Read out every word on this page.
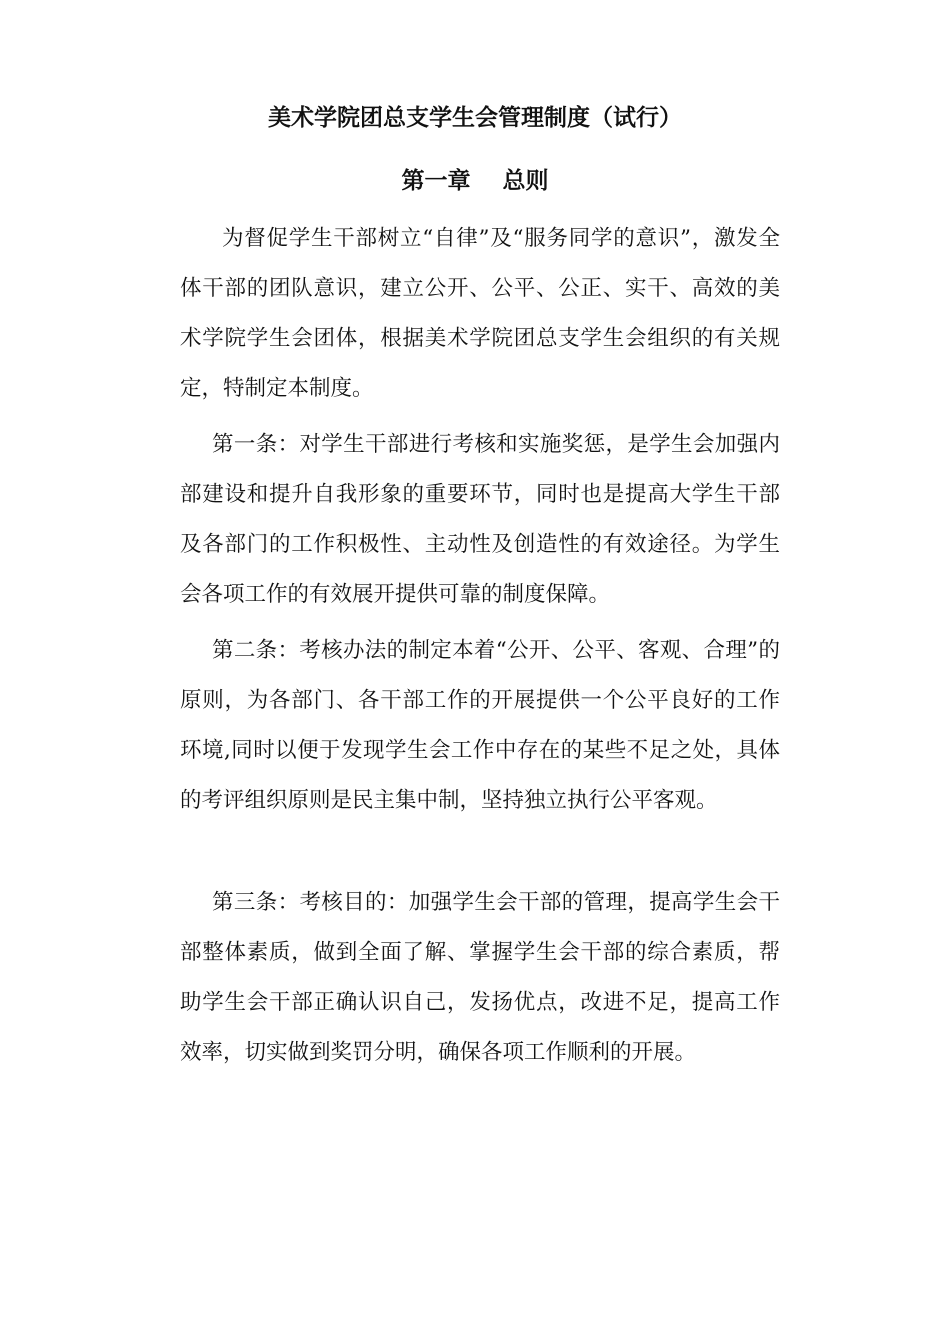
美术学院团总支学生会管理制度（试行）
第一章    总则

为督促学生干部树立“自律”及“服务同学的意识”，激发全体干部的团队意识，建立公开、公平、公正、实干、高效的美术学院学生会团体，根据美术学院团总支学生会组织的有关规定，特制定本制度。

第一条：对学生干部进行考核和实施奖惩，是学生会加强内部建设和提升自我形象的重要环节，同时也是提高大学生干部及各部门的工作积极性、主动性及创造性的有效途径。为学生会各项工作的有效展开提供可靠的制度保障。

第二条：考核办法的制定本着“公开、公平、客观、合理”的原则，为各部门、各干部工作的开展提供一个公平良好的工作环境,同时以便于发现学生会工作中存在的某些不足之处，具体的考评组织原则是民主集中制，坚持独立执行公平客观。

第三条：考核目的：加强学生会干部的管理，提高学生会干部整体素质，做到全面了解、掌握学生会干部的综合素质，帮助学生会干部正确认识自己，发扬优点，改进不足，提高工作效率，切实做到奖罚分明，确保各项工作顺利的开展。
